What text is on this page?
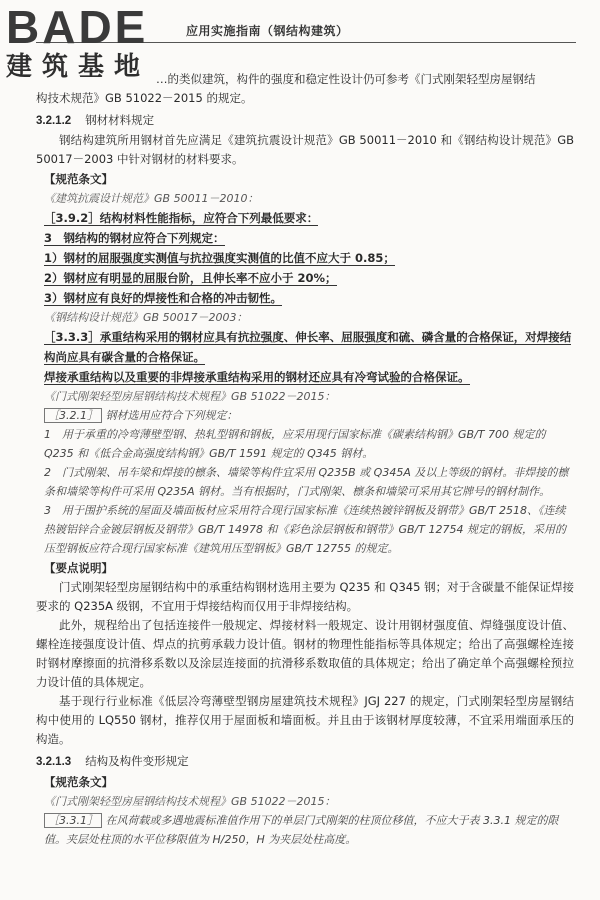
BADE
建筑基地
应用实施指南（钢结构建筑）
…的类似建筑，构件的强度和稳定性设计仍可参考《门式刚架轻型房屋钢结
构技术规范》GB 51022－2015 的规定。
3.2.1.2 钢材材料规定

钢结构建筑所用钢材首先应满足《建筑抗震设计规范》GB 50011－2010 和《钢结构设计规范》GB 50017－2003 中针对钢材的材料要求。

【规范条文】
《建筑抗震设计规范》GB 50011－2010：
［3.9.2］结构材料性能指标，应符合下列最低要求：
3　钢结构的钢材应符合下列规定：
1）钢材的屈服强度实测值与抗拉强度实测值的比值不应大于 0.85；
2）钢材应有明显的屈服台阶，且伸长率不应小于 20%；
3）钢材应有良好的焊接性和合格的冲击韧性。
《钢结构设计规范》GB 50017－2003：
［3.3.3］承重结构采用的钢材应具有抗拉强度、伸长率、屈服强度和硫、磷含量的合格保证，对焊接结构尚应具有碳含量的合格保证。
焊接承重结构以及重要的非焊接承重结构采用的钢材还应具有冷弯试验的合格保证。
《门式刚架轻型房屋钢结构技术规程》GB 51022－2015：
［3.2.1］ 钢材选用应符合下列规定：
1　用于承重的冷弯薄壁型钢、热轧型钢和钢板，应采用现行国家标准《碳素结构钢》GB/T 700 规定的 Q235 和《低合金高强度结构钢》GB/T 1591 规定的 Q345 钢材。
2　门式刚架、吊车梁和焊接的檩条、墙梁等构件宜采用 Q235B 或 Q345A 及以上等级的钢材。非焊接的檩条和墙梁等构件可采用 Q235A 钢材。当有根据时，门式刚架、檩条和墙梁可采用其它牌号的钢材制作。
3　用于围护系统的屋面及墙面板材应采用符合现行国家标准《连续热镀锌钢板及钢带》GB/T 2518、《连续热镀铝锌合金镀层钢板及钢带》GB/T 14978 和《彩色涂层钢板和钢带》GB/T 12754 规定的钢板，采用的压型钢板应符合现行国家标准《建筑用压型钢板》GB/T 12755 的规定。
【要点说明】

门式刚架轻型房屋钢结构中的承重结构钢材选用主要为 Q235 和 Q345 钢；对于含碳量不能保证焊接要求的 Q235A 级钢，不宜用于焊接结构而仅用于非焊接结构。

此外，规程给出了包括连接件一般规定、焊接材料一般规定、设计用钢材强度值、焊缝强度设计值、螺栓连接强度设计值、焊点的抗剪承载力设计值。钢材的物理性能指标等具体规定；给出了高强螺栓连接时钢材摩擦面的抗滑移系数以及涂层连接面的抗滑移系数取值的具体规定；给出了确定单个高强螺栓预拉力设计值的具体规定。

基于现行行业标准《低层冷弯薄壁型钢房屋建筑技术规程》JGJ 227 的规定，门式刚架轻型房屋钢结构中使用的 LQ550 钢材，推荐仅用于屋面板和墙面板。并且由于该钢材厚度较薄，不宜采用端面承压的构造。

3.2.1.3 结构及构件变形规定
【规范条文】
《门式刚架轻型房屋钢结构技术规程》GB 51022－2015：
［3.3.1］ 在风荷载或多遇地震标准值作用下的单层门式刚架的柱顶位移值，不应大于表 3.3.1 规定的限值。夹层处柱顶的水平位移限值为 H/250，H 为夹层处柱高度。
